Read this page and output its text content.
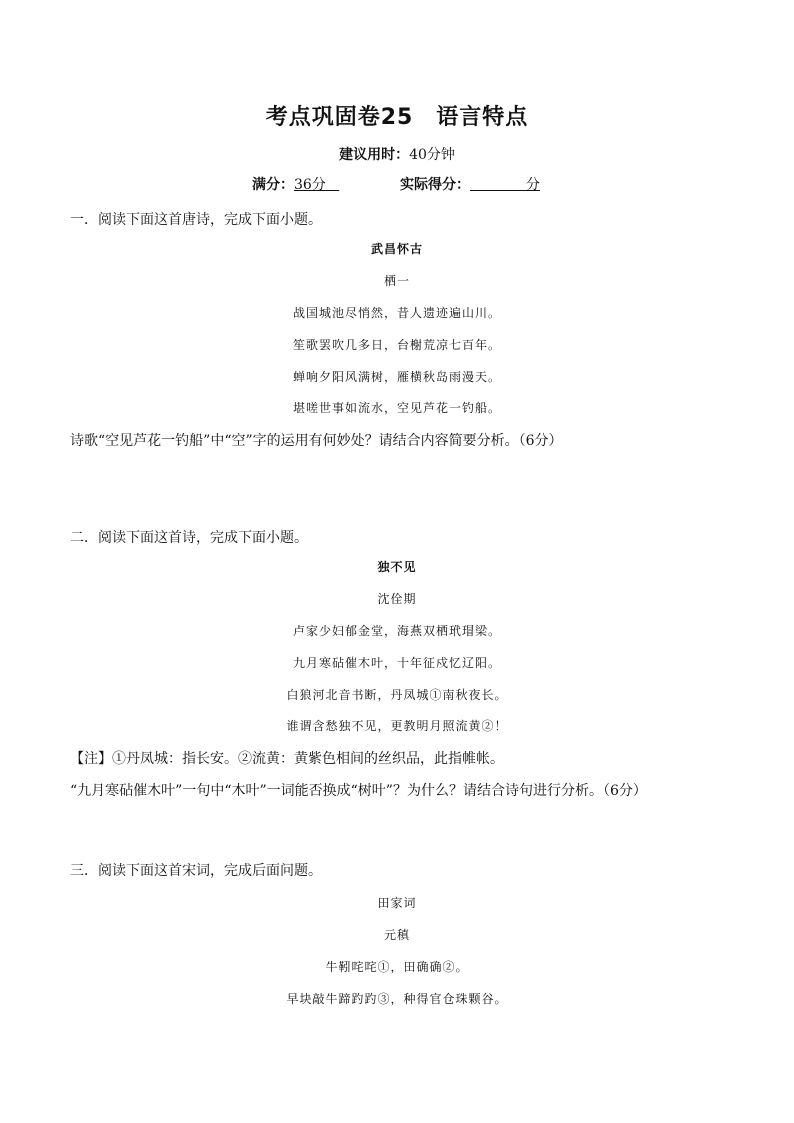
考点巩固卷25　语言特点
建议用时：40分钟
满分：36分	实际得分：	分
一．阅读下面这首唐诗，完成下面小题。
武昌怀古
栖一
战国城池尽悄然，昔人遗迹遍山川。
笙歌罢吹几多日，台榭荒凉七百年。
蝉响夕阳风满树，雁横秋岛雨漫天。
堪嗟世事如流水，空见芦花一钓船。
诗歌“空见芦花一钓船”中“空”字的运用有何妙处？请结合内容简要分析。（6分）
二．阅读下面这首诗，完成下面小题。
独不见
沈佺期
卢家少妇郁金堂，海燕双栖玳瑁梁。
九月寒砧催木叶，十年征戍忆辽阳。
白狼河北音书断，丹凤城①南秋夜长。
谁谓含愁独不见，更教明月照流黄②！
【注】①丹凤城：指长安。②流黄：黄紫色相间的丝织品，此指帷帐。
“九月寒砧催木叶”一句中“木叶”一词能否换成“树叶”？为什么？请结合诗句进行分析。（6分）
三．阅读下面这首宋词，完成后面问题。
田家词
元稹
牛靷咤咤①，田确确②。
早块敲牛蹄趵趵③，种得官仓珠颗谷。
